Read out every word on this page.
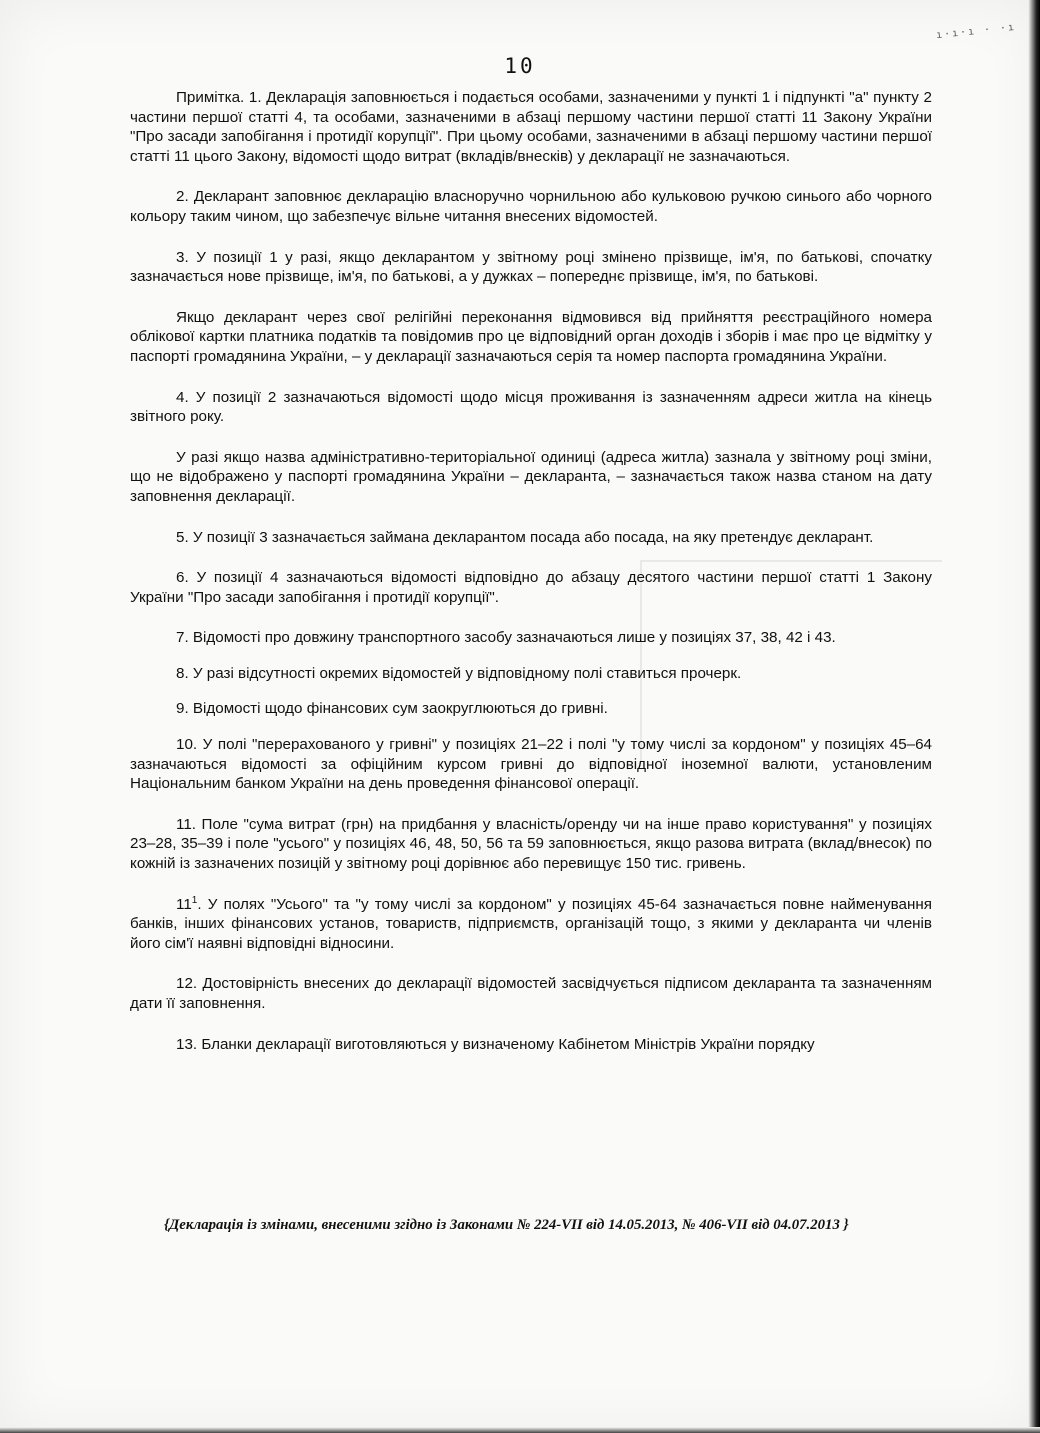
ı·ı·ı · ·ı
10

Примітка. 1. Декларація заповнюється і подається особами, зазначеними у пункті 1 і підпункті "а" пункту 2 частини першої статті 4, та особами, зазначеними в абзаці першому частини першої статті 11 Закону України "Про засади запобігання і протидії корупції". При цьому особами, зазначеними в абзаці першому частини першої статті 11 цього Закону, відомості щодо витрат (вкладів/внесків) у декларації не зазначаються.

2. Декларант заповнює декларацію власноручно чорнильною або кульковою ручкою синього або чорного кольору таким чином, що забезпечує вільне читання внесених відомостей.

3. У позиції 1 у разі, якщо декларантом у звітному році змінено прізвище, ім'я, по батькові, спочатку зазначається нове прізвище, ім'я, по батькові, а у дужках – попереднє прізвище, ім'я, по батькові.

Якщо декларант через свої релігійні переконання відмовився від прийняття реєстраційного номера облікової картки платника податків та повідомив про це відповідний орган доходів і зборів і має про це відмітку у паспорті громадянина України, – у декларації зазначаються серія та номер паспорта громадянина України.

4. У позиції 2 зазначаються відомості щодо місця проживання із зазначенням адреси житла на кінець звітного року.

У разі якщо назва адміністративно-територіальної одиниці (адреса житла) зазнала у звітному році зміни, що не відображено у паспорті громадянина України – декларанта, – зазначається також назва станом на дату заповнення декларації.

5. У позиції 3 зазначається займана декларантом посада або посада, на яку претендує декларант.

6. У позиції 4 зазначаються відомості відповідно до абзацу десятого частини першої статті 1 Закону України "Про засади запобігання і протидії корупції".

7. Відомості про довжину транспортного засобу зазначаються лише у позиціях 37, 38, 42 і 43.

8. У разі відсутності окремих відомостей у відповідному полі ставиться прочерк.

9. Відомості щодо фінансових сум заокруглюються до гривні.

10. У полі "перерахованого у гривні" у позиціях 21–22 і полі "у тому числі за кордоном" у позиціях 45–64 зазначаються відомості за офіційним курсом гривні до відповідної іноземної валюти, установленим Національним банком України на день проведення фінансової операції.

11. Поле "сума витрат (грн) на придбання у власність/оренду чи на інше право користування" у позиціях 23–28, 35–39 і поле "усього" у позиціях 46, 48, 50, 56 та 59 заповнюється, якщо разова витрата (вклад/внесок) по кожній із зазначених позицій у звітному році дорівнює або перевищує 150 тис. гривень.

$11^1$. У полях "Усього" та "у тому числі за кордоном" у позиціях 45-64 зазначається повне найменування банків, інших фінансових установ, товариств, підприємств, організацій тощо, з якими у декларанта чи членів його сім'ї наявні відповідні відносини.

12. Достовірність внесених до декларації відомостей засвідчується підписом декларанта та зазначенням дати її заповнення.

13. Бланки декларації виготовляються у визначеному Кабінетом Міністрів України порядку

{Декларація із змінами, внесеними згідно із Законами № 224-VII від 14.05.2013, № 406-VII від 04.07.2013 }
